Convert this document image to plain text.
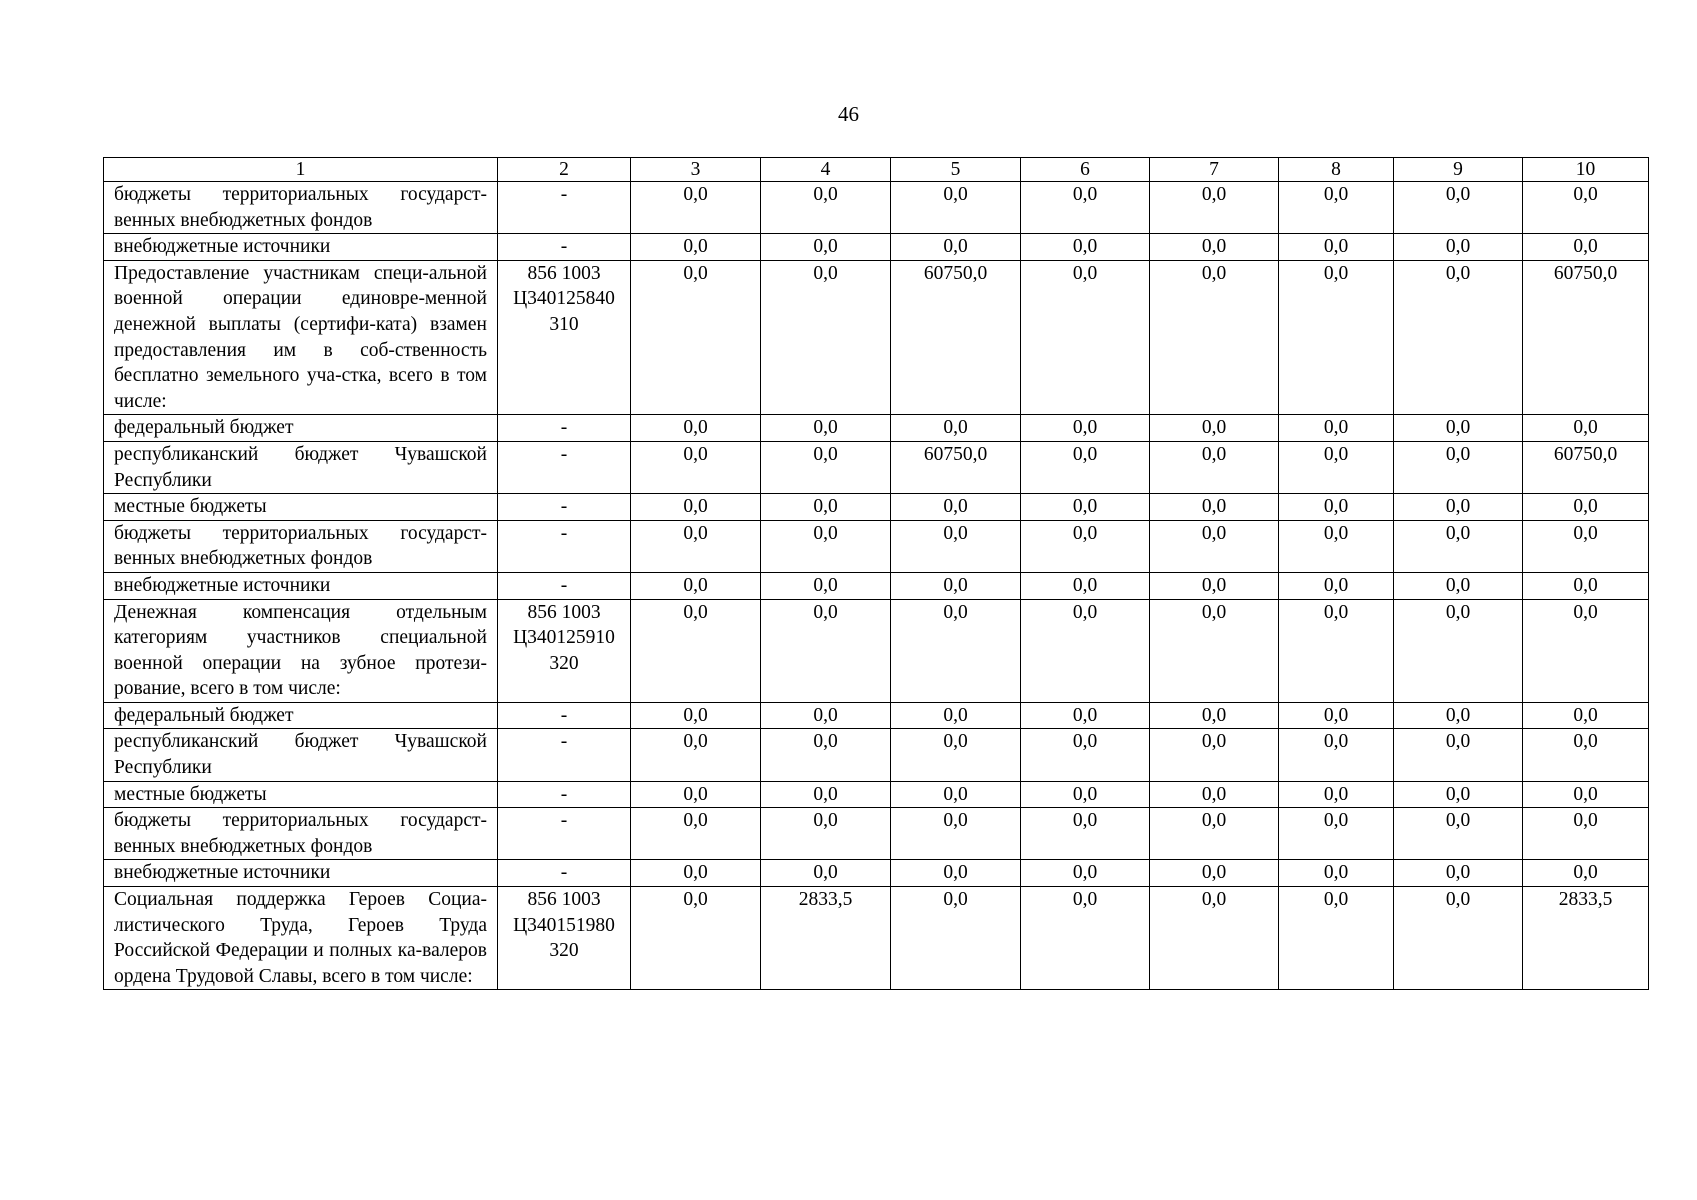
46
1	2	3	4	5	6	7	8	9	10
бюджеты территориальных государст-венных внебюджетных фондов	-	0,0	0,0	0,0	0,0	0,0	0,0	0,0	0,0
внебюджетные источники	-	0,0	0,0	0,0	0,0	0,0	0,0	0,0	0,0
Предоставление участникам специ-альной военной операции единовре-менной денежной выплаты (сертифи-ката) взамен предоставления им в соб-ственность бесплатно земельного уча-стка, всего в том числе:	856 1003 Ц340125840 310	0,0	0,0	60750,0	0,0	0,0	0,0	0,0	60750,0
федеральный бюджет	-	0,0	0,0	0,0	0,0	0,0	0,0	0,0	0,0
республиканский бюджет Чувашской Республики	-	0,0	0,0	60750,0	0,0	0,0	0,0	0,0	60750,0
местные бюджеты	-	0,0	0,0	0,0	0,0	0,0	0,0	0,0	0,0
бюджеты территориальных государст-венных внебюджетных фондов	-	0,0	0,0	0,0	0,0	0,0	0,0	0,0	0,0
внебюджетные источники	-	0,0	0,0	0,0	0,0	0,0	0,0	0,0	0,0
Денежная компенсация отдельным категориям участников специальной военной операции на зубное протези-рование, всего в том числе:	856 1003 Ц340125910 320	0,0	0,0	0,0	0,0	0,0	0,0	0,0	0,0
федеральный бюджет	-	0,0	0,0	0,0	0,0	0,0	0,0	0,0	0,0
республиканский бюджет Чувашской Республики	-	0,0	0,0	0,0	0,0	0,0	0,0	0,0	0,0
местные бюджеты	-	0,0	0,0	0,0	0,0	0,0	0,0	0,0	0,0
бюджеты территориальных государст-венных внебюджетных фондов	-	0,0	0,0	0,0	0,0	0,0	0,0	0,0	0,0
внебюджетные источники	-	0,0	0,0	0,0	0,0	0,0	0,0	0,0	0,0
Социальная поддержка Героев Социа-листического Труда, Героев Труда Российской Федерации и полных ка-валеров ордена Трудовой Славы, всего в том числе:	856 1003 Ц340151980 320	0,0	2833,5	0,0	0,0	0,0	0,0	0,0	2833,5
